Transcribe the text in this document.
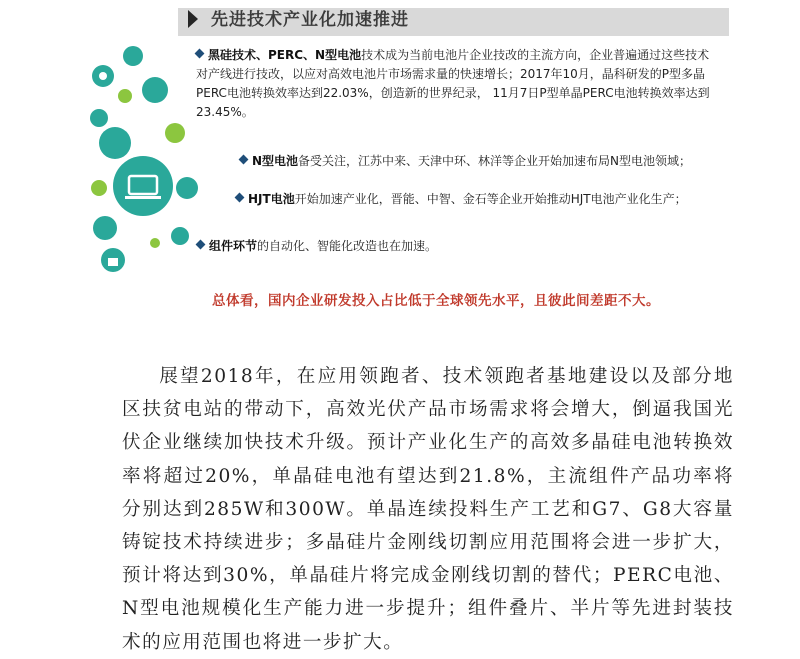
先进技术产业化加速推进
黑硅技术、PERC、N型电池技术成为当前电池片企业技改的主流方向，企业普遍通过这些技术对产线进行技改，以应对高效电池片市场需求量的快速增长；2017年10月，晶科研发的P型多晶PERC电池转换效率达到22.03%，创造新的世界纪录， 11月7日P型单晶PERC电池转换效率达到23.45%。
N型电池备受关注，江苏中来、天津中环、林洋等企业开始加速布局N型电池领域；
HJT电池开始加速产业化，晋能、中智、金石等企业开始推动HJT电池产业化生产；
组件环节的自动化、智能化改造也在加速。
总体看，国内企业研发投入占比低于全球领先水平，且彼此间差距不大。

展望2018年，在应用领跑者、技术领跑者基地建设以及部分地区扶贫电站的带动下，高效光伏产品市场需求将会增大，倒逼我国光伏企业继续加快技术升级。预计产业化生产的高效多晶硅电池转换效率将超过20%，单晶硅电池有望达到21.8%，主流组件产品功率将分别达到285W和300W。单晶连续投料生产工艺和G7、G8大容量铸锭技术持续进步；多晶硅片金刚线切割应用范围将会进一步扩大，预计将达到30%，单晶硅片将完成金刚线切割的替代；PERC电池、N型电池规模化生产能力进一步提升；组件叠片、半片等先进封装技术的应用范围也将进一步扩大。
